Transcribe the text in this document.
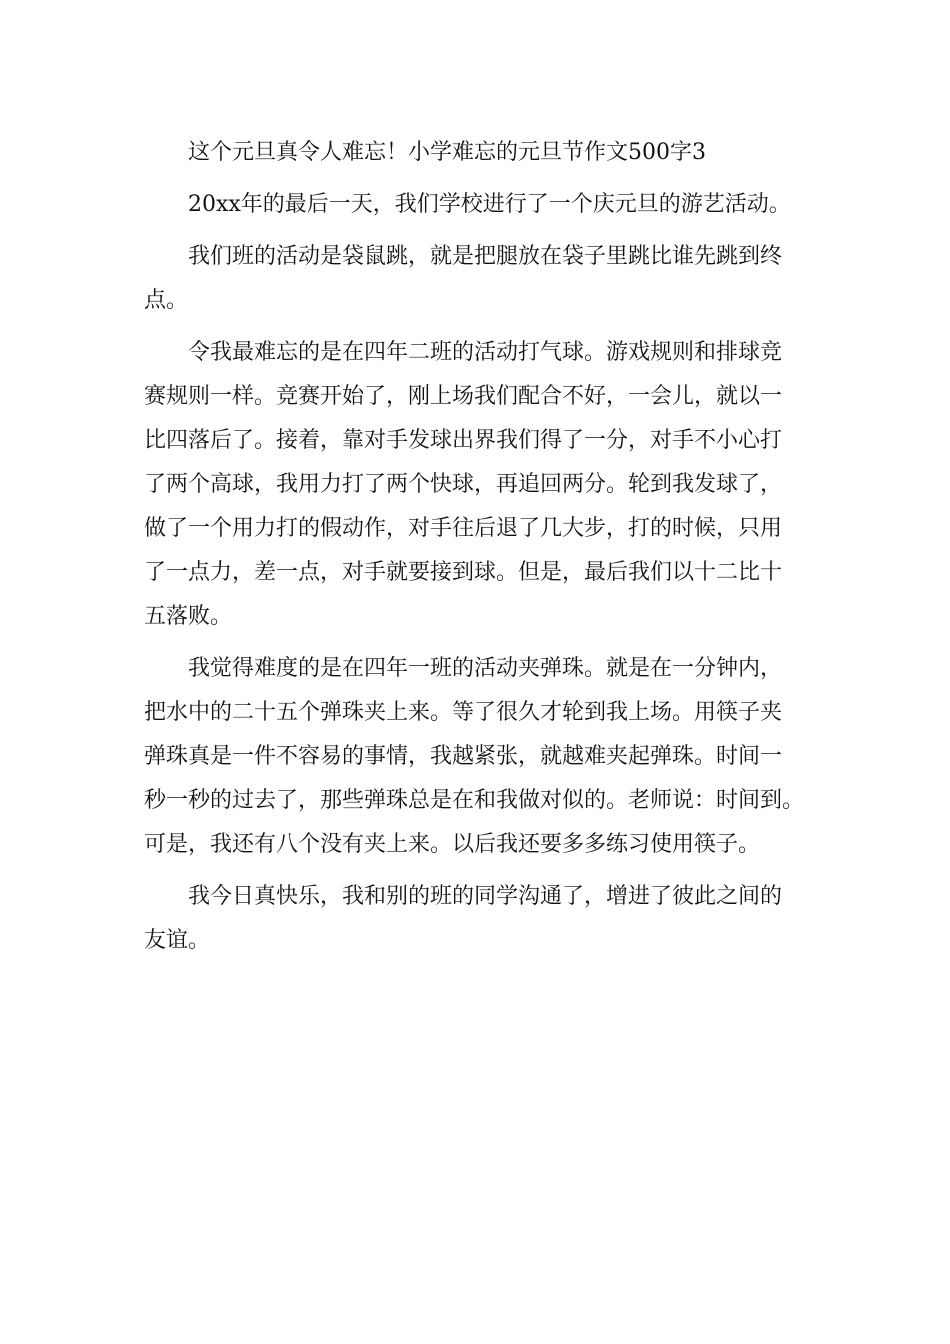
这个元旦真令人难忘！小学难忘的元旦节作文500字3

20xx年的最后一天，我们学校进行了一个庆元旦的游艺活动。

我们班的活动是袋鼠跳，就是把腿放在袋子里跳比谁先跳到终
点。

令我最难忘的是在四年二班的活动打气球。游戏规则和排球竞
赛规则一样。竞赛开始了，刚上场我们配合不好，一会儿，就以一
比四落后了。接着，靠对手发球出界我们得了一分，对手不小心打
了两个高球，我用力打了两个快球，再追回两分。轮到我发球了，
做了一个用力打的假动作，对手往后退了几大步，打的时候，只用
了一点力，差一点，对手就要接到球。但是，最后我们以十二比十
五落败。

我觉得难度的是在四年一班的活动夹弹珠。就是在一分钟内，
把水中的二十五个弹珠夹上来。等了很久才轮到我上场。用筷子夹
弹珠真是一件不容易的事情，我越紧张，就越难夹起弹珠。时间一
秒一秒的过去了，那些弹珠总是在和我做对似的。老师说：时间到。
可是，我还有八个没有夹上来。以后我还要多多练习使用筷子。

我今日真快乐，我和别的班的同学沟通了，增进了彼此之间的
友谊。
